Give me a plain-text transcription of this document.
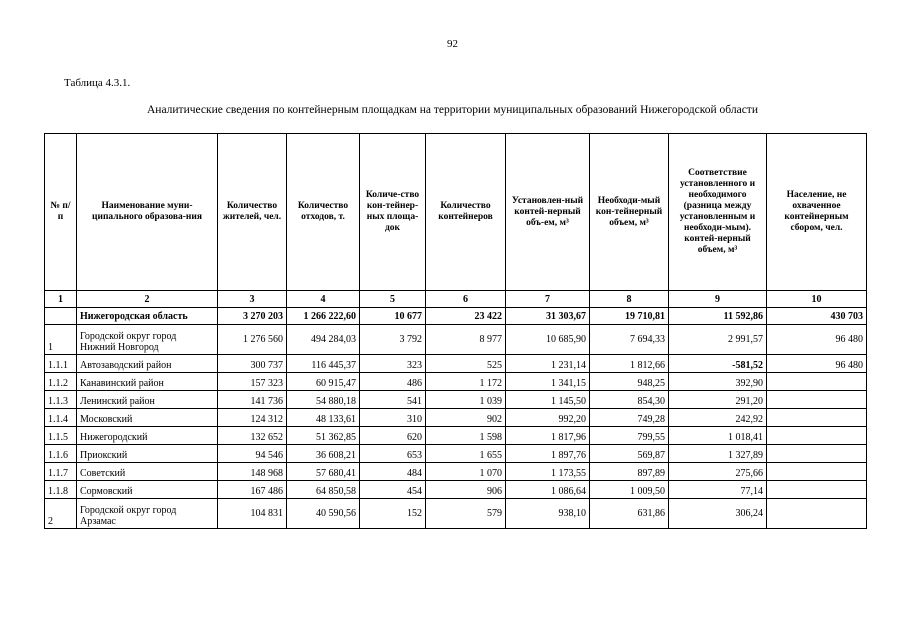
92
Таблица 4.3.1.
Аналитические сведения по контейнерным площадкам на территории муниципальных образований Нижегородской области
№ п/п	Наименование муни-ципального образова-ния	Количество жителей, чел.	Количество отходов, т.	Количе-ство кон-тейнер-ных площа-док	Количество контейнеров	Установлен-ный контей-нерный объ-ем, м³	Необходи-мый кон-тейнерный объем, м³	Соответствие установленного и необходимого (разница между установленным и необходи-мым). контей-нерный объем, м³	Население, не охваченное контейнерным сбором, чел.
1	2	3	4	5	6	7	8	9	10
	Нижегородская область	3 270 203	1 266 222,60	10 677	23 422	31 303,67	19 710,81	11 592,86	430 703
1	Городской округ город Нижний Новгород	1 276 560	494 284,03	3 792	8 977	10 685,90	7 694,33	2 991,57	96 480
1.1.1	Автозаводский район	300 737	116 445,37	323	525	1 231,14	1 812,66	-581,52	96 480
1.1.2	Канавинский район	157 323	60 915,47	486	1 172	1 341,15	948,25	392,90	
1.1.3	Ленинский район	141 736	54 880,18	541	1 039	1 145,50	854,30	291,20	
1.1.4	Московский	124 312	48 133,61	310	902	992,20	749,28	242,92	
1.1.5	Нижегородский	132 652	51 362,85	620	1 598	1 817,96	799,55	1 018,41	
1.1.6	Приокский	94 546	36 608,21	653	1 655	1 897,76	569,87	1 327,89	
1.1.7	Советский	148 968	57 680,41	484	1 070	1 173,55	897,89	275,66	
1.1.8	Сормовский	167 486	64 850,58	454	906	1 086,64	1 009,50	77,14	
2	Городской округ город Арзамас	104 831	40 590,56	152	579	938,10	631,86	306,24	
